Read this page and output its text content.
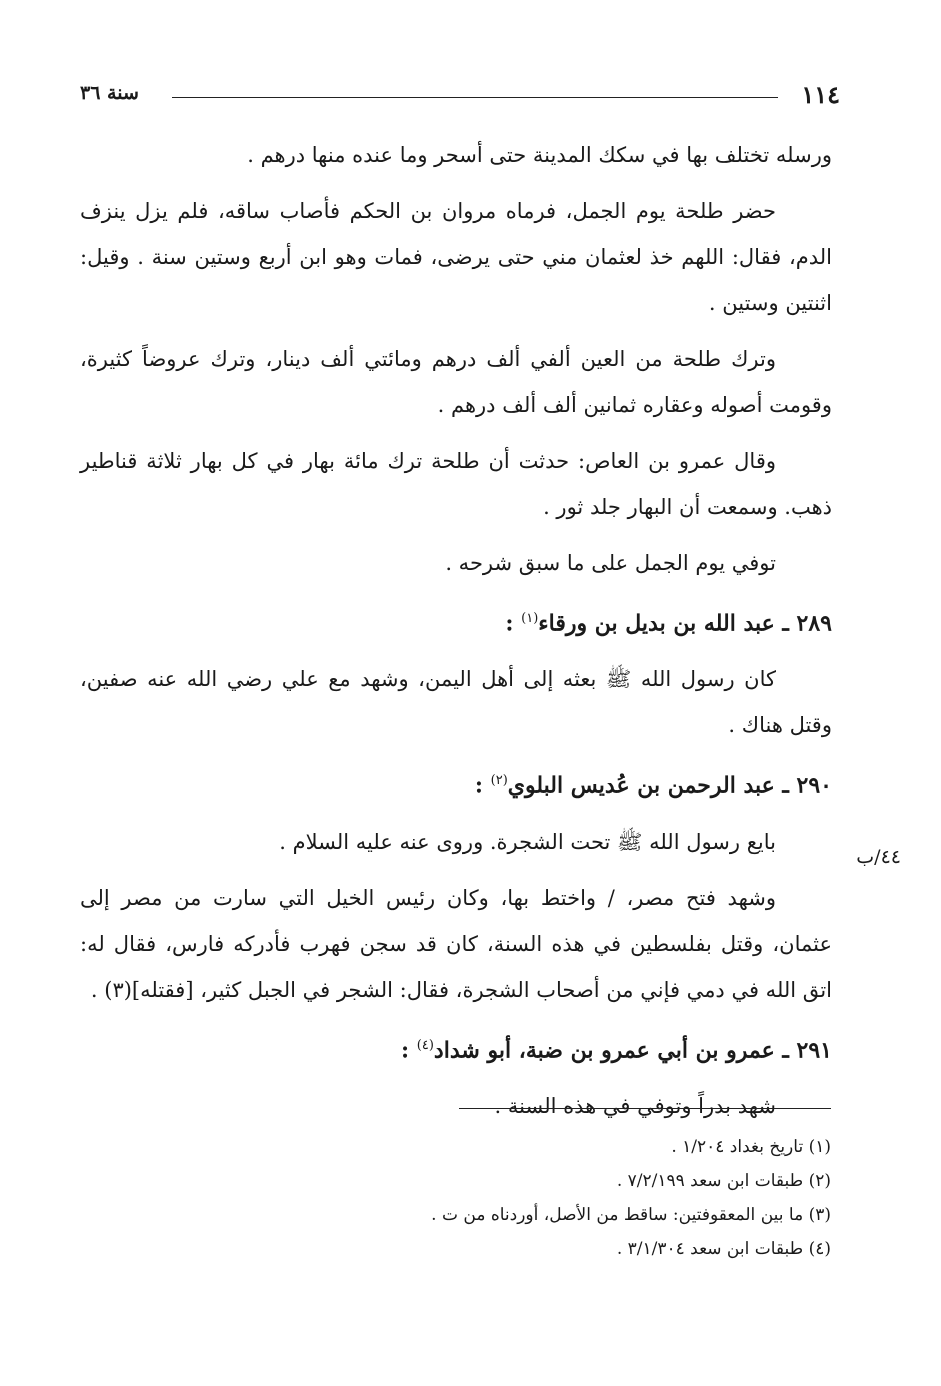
١١٤
سنة ٣٦
٤٤/ب

ورسله تختلف بها في سكك المدينة حتى أسحر وما عنده منها درهم .

حضر طلحة يوم الجمل، فرماه مروان بن الحكم فأصاب ساقه، فلم يزل ينزف الدم، فقال: اللهم خذ لعثمان مني حتى يرضى، فمات وهو ابن أربع وستين سنة . وقيل: اثنتين وستين .

وترك طلحة من العين ألفي ألف درهم ومائتي ألف دينار، وترك عروضاً كثيرة، وقومت أصوله وعقاره ثمانين ألف ألف درهم .

وقال عمرو بن العاص: حدثت أن طلحة ترك مائة بهار في كل بهار ثلاثة قناطير ذهب. وسمعت أن البهار جلد ثور .

توفي يوم الجمل على ما سبق شرحه .

٢٨٩ ـ عبد الله بن بديل بن ورقاء$^{(١)}$ :

كان رسول الله ﷺ بعثه إلى أهل اليمن، وشهد مع علي رضي الله عنه صفين، وقتل هناك .

٢٩٠ ـ عبد الرحمن بن عُديس البلوي$^{(٢)}$ :

بايع رسول الله ﷺ تحت الشجرة. وروى عنه عليه السلام .

وشهد فتح مصر، / واختط بها، وكان رئيس الخيل التي سارت من مصر إلى عثمان، وقتل بفلسطين في هذه السنة، كان قد سجن فهرب فأدركه فارس، فقال له: اتق الله في دمي فإني من أصحاب الشجرة، فقال: الشجر في الجبل كثير، [فقتله](٣) .

٢٩١ ـ عمرو بن أبي عمرو بن ضبة، أبو شداد$^{(٤)}$ :

شهد بدراً وتوفي في هذه السنة .

(١) تاريخ بغداد ١/٢٠٤ .

(٢) طبقات ابن سعد ٧/٢/١٩٩ .

(٣) ما بين المعقوفتين: ساقط من الأصل، أوردناه من ت .

(٤) طبقات ابن سعد ٣/١/٣٠٤ .
